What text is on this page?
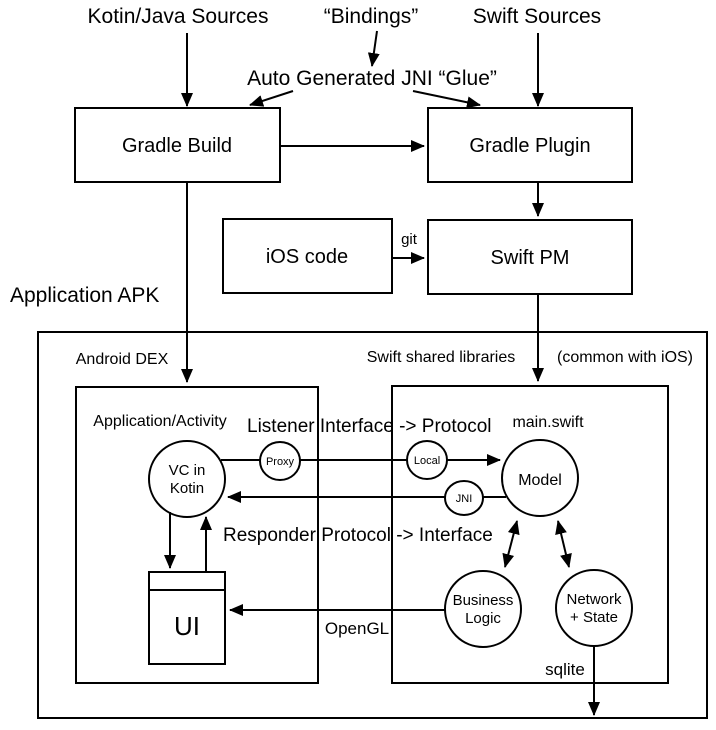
Kotin/Java Sources	“Bindings”	Swift Sources
Auto Generated JNI “Glue”
Gradle Build	Gradle Plugin
iOS code
git
Swift PM
Application APK
Android DEX	Swift shared libraries	(common with iOS)
Application/Activity Listener Interface -> Protocol main.swift
VC in
Kotin	Model
Proxy	Local
JNI
Responder Protocol -> Interface
UI	OpenGL
Business
Logic
Network
+ State
sqlite
